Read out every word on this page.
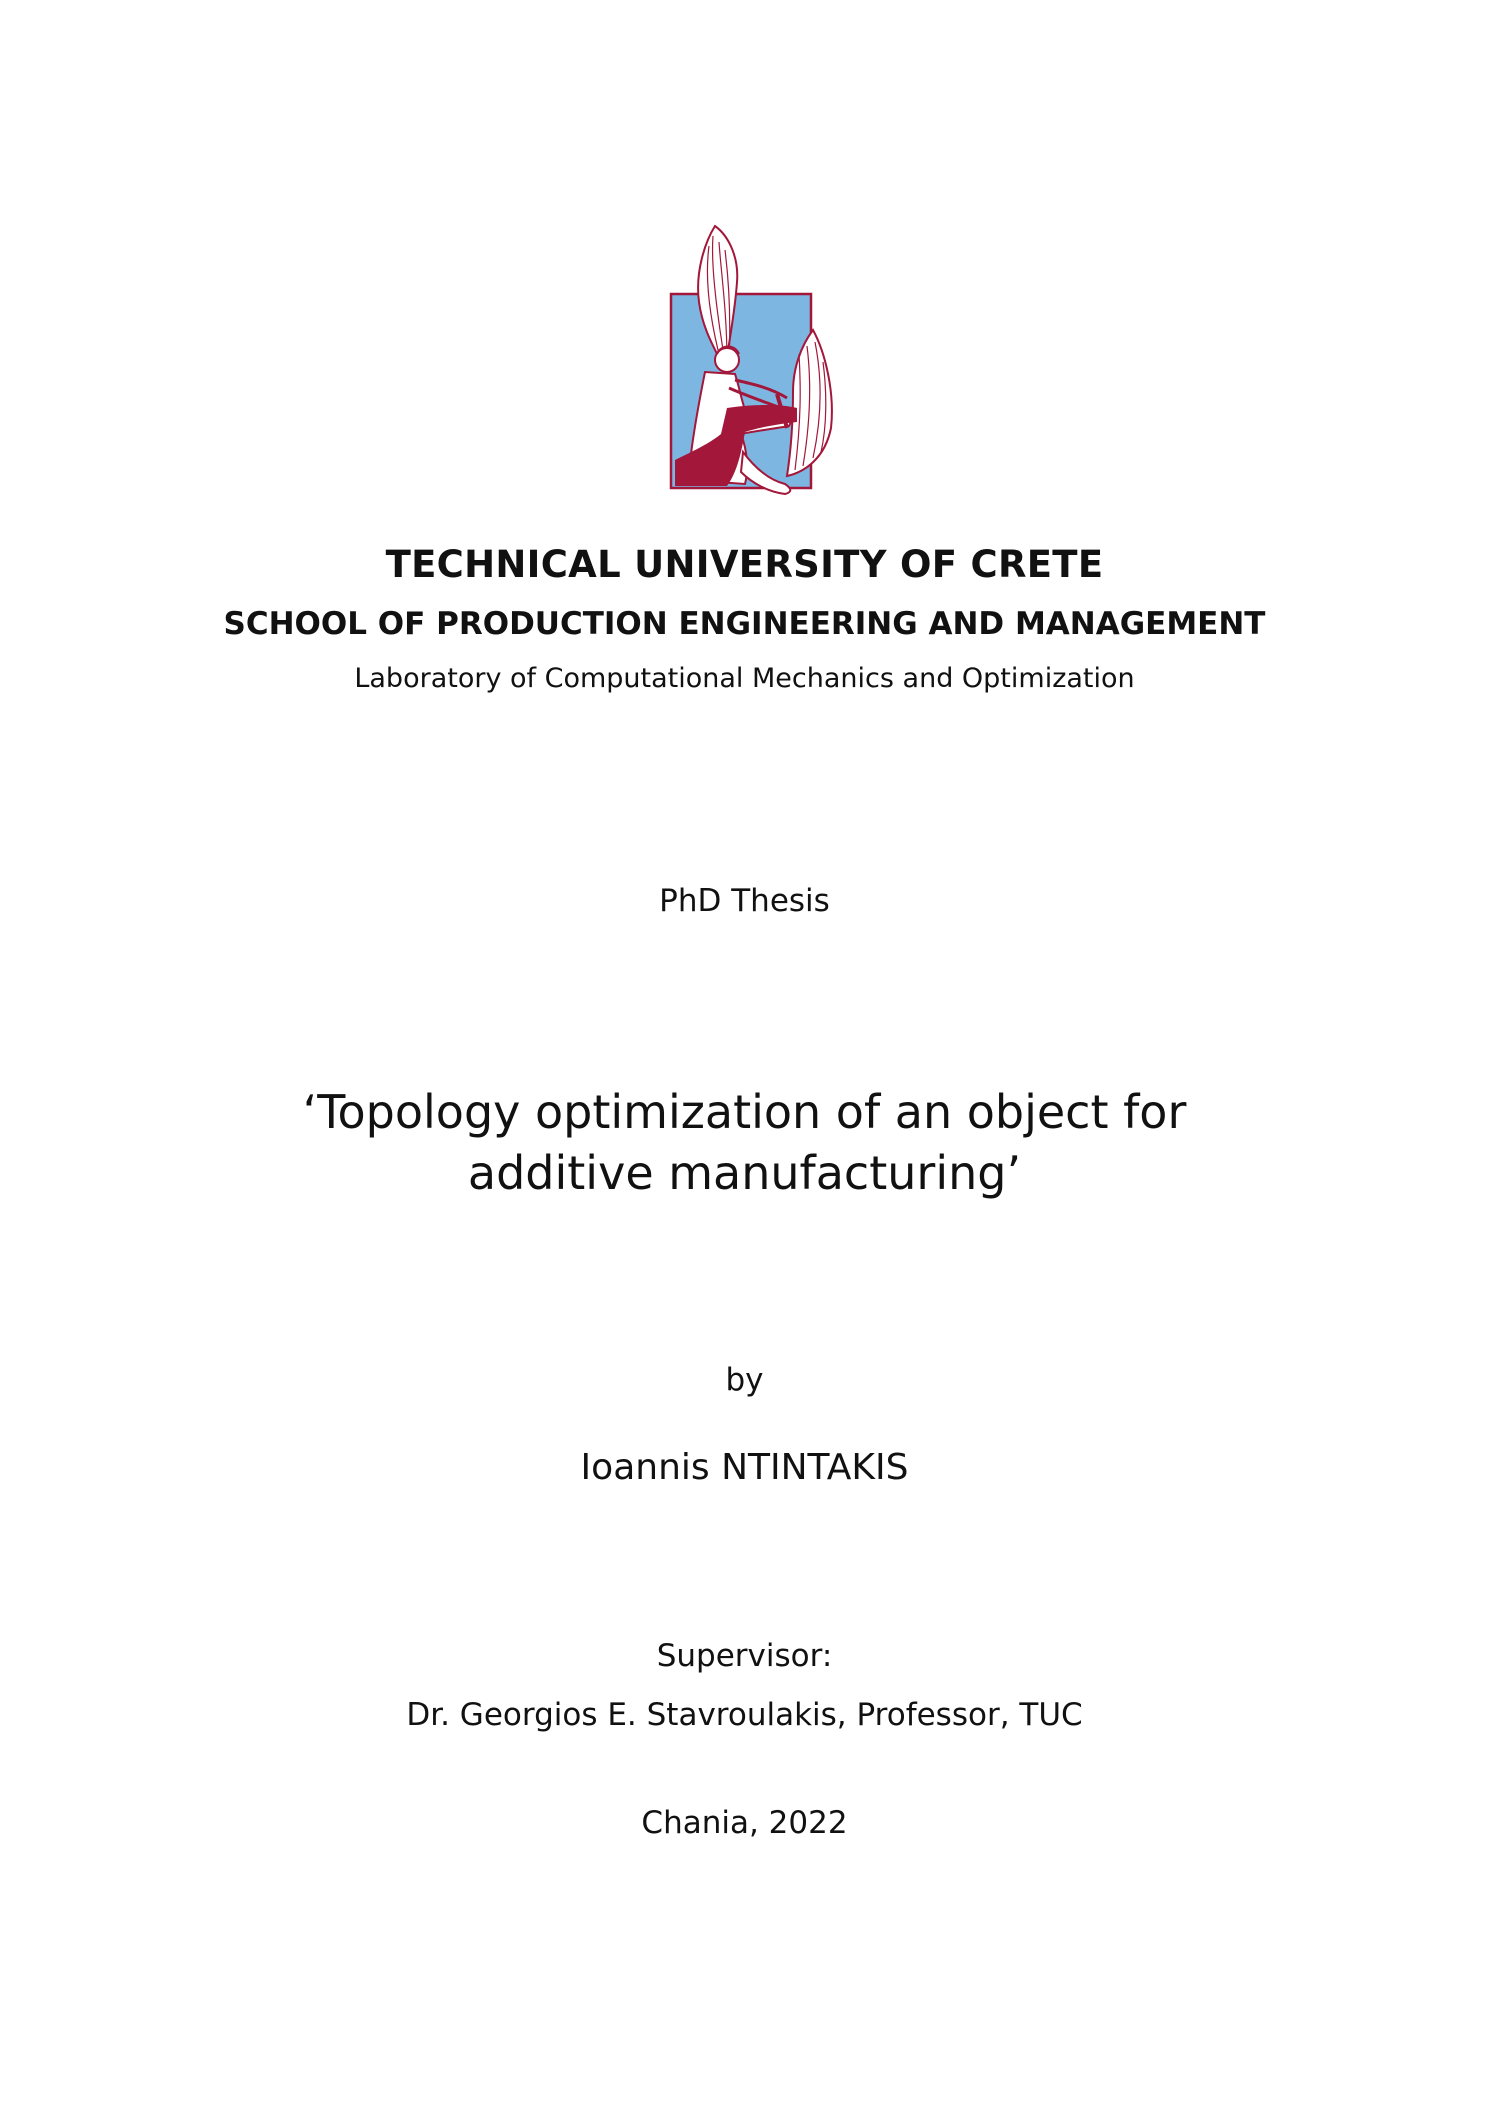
TECHNICAL UNIVERSITY OF CRETE
SCHOOL OF PRODUCTION ENGINEERING AND MANAGEMENT
Laboratory of Computational Mechanics and Optimization
PhD Thesis
‘Topology optimization of an object for
additive manufacturing’
by
Ioannis NTINTAKIS
Supervisor:
Dr. Georgios E. Stavroulakis, Professor, TUC
Chania, 2022
